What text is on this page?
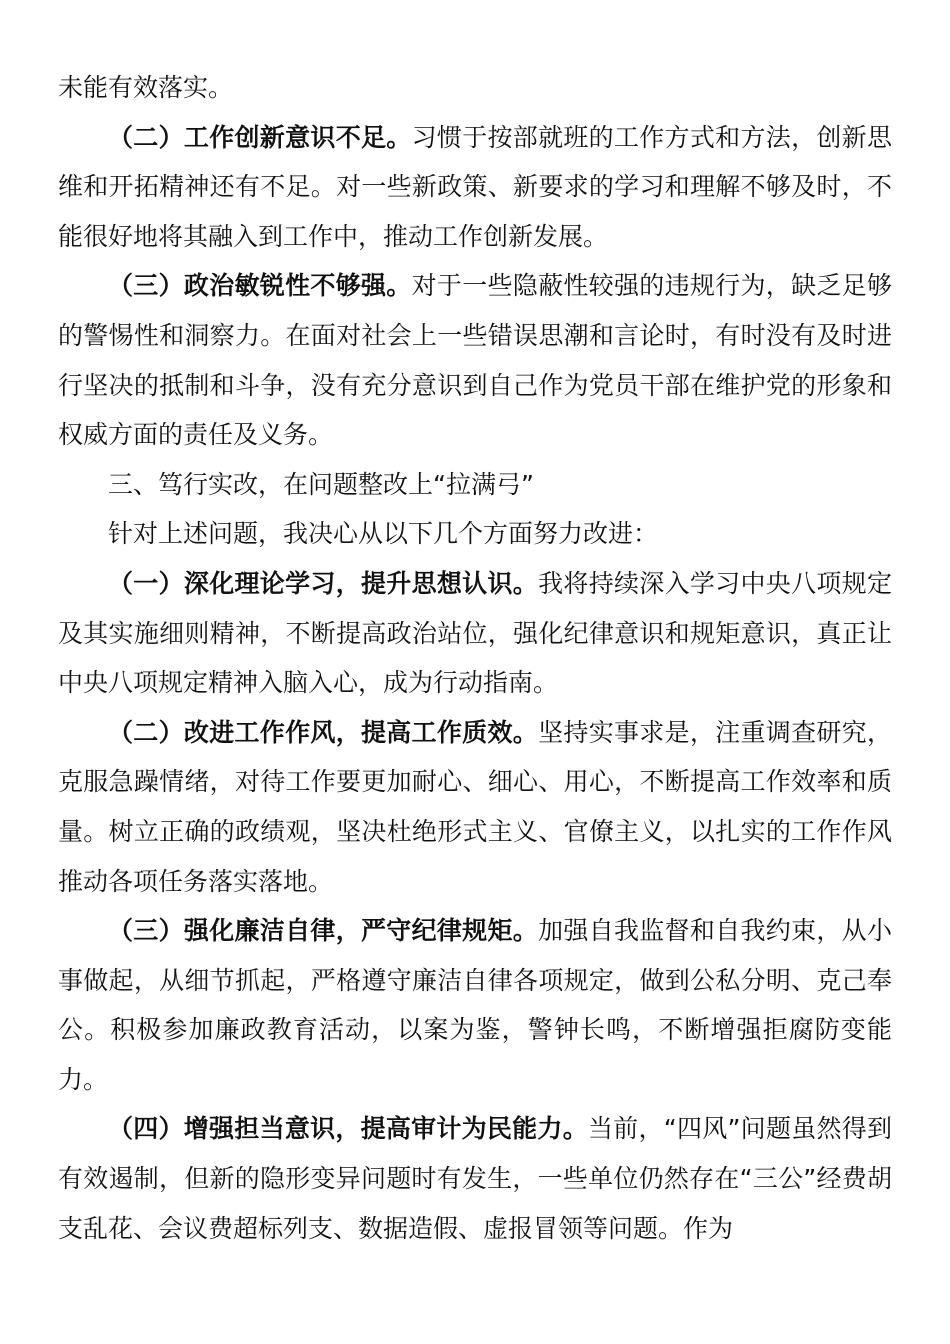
未能有效落实。

（二）工作创新意识不足。习惯于按部就班的工作方式和方法，创新思维和开拓精神还有不足。对一些新政策、新要求的学习和理解不够及时，不能很好地将其融入到工作中，推动工作创新发展。

（三）政治敏锐性不够强。对于一些隐蔽性较强的违规行为，缺乏足够的警惕性和洞察力。在面对社会上一些错误思潮和言论时，有时没有及时进行坚决的抵制和斗争，没有充分意识到自己作为党员干部在维护党的形象和权威方面的责任及义务。

三、笃行实改，在问题整改上“拉满弓”

针对上述问题，我决心从以下几个方面努力改进：

（一）深化理论学习，提升思想认识。我将持续深入学习中央八项规定及其实施细则精神，不断提高政治站位，强化纪律意识和规矩意识，真正让中央八项规定精神入脑入心，成为行动指南。

（二）改进工作作风，提高工作质效。坚持实事求是，注重调查研究，克服急躁情绪，对待工作要更加耐心、细心、用心，不断提高工作效率和质量。树立正确的政绩观，坚决杜绝形式主义、官僚主义，以扎实的工作作风推动各项任务落实落地。

（三）强化廉洁自律，严守纪律规矩。加强自我监督和自我约束，从小事做起，从细节抓起，严格遵守廉洁自律各项规定，做到公私分明、克己奉公。积极参加廉政教育活动，以案为鉴，警钟长鸣，不断增强拒腐防变能力。

（四）增强担当意识，提高审计为民能力。当前，“四风”问题虽然得到有效遏制，但新的隐形变异问题时有发生，一些单位仍然存在“三公”经费胡支乱花、会议费超标列支、数据造假、虚报冒领等问题。作为
